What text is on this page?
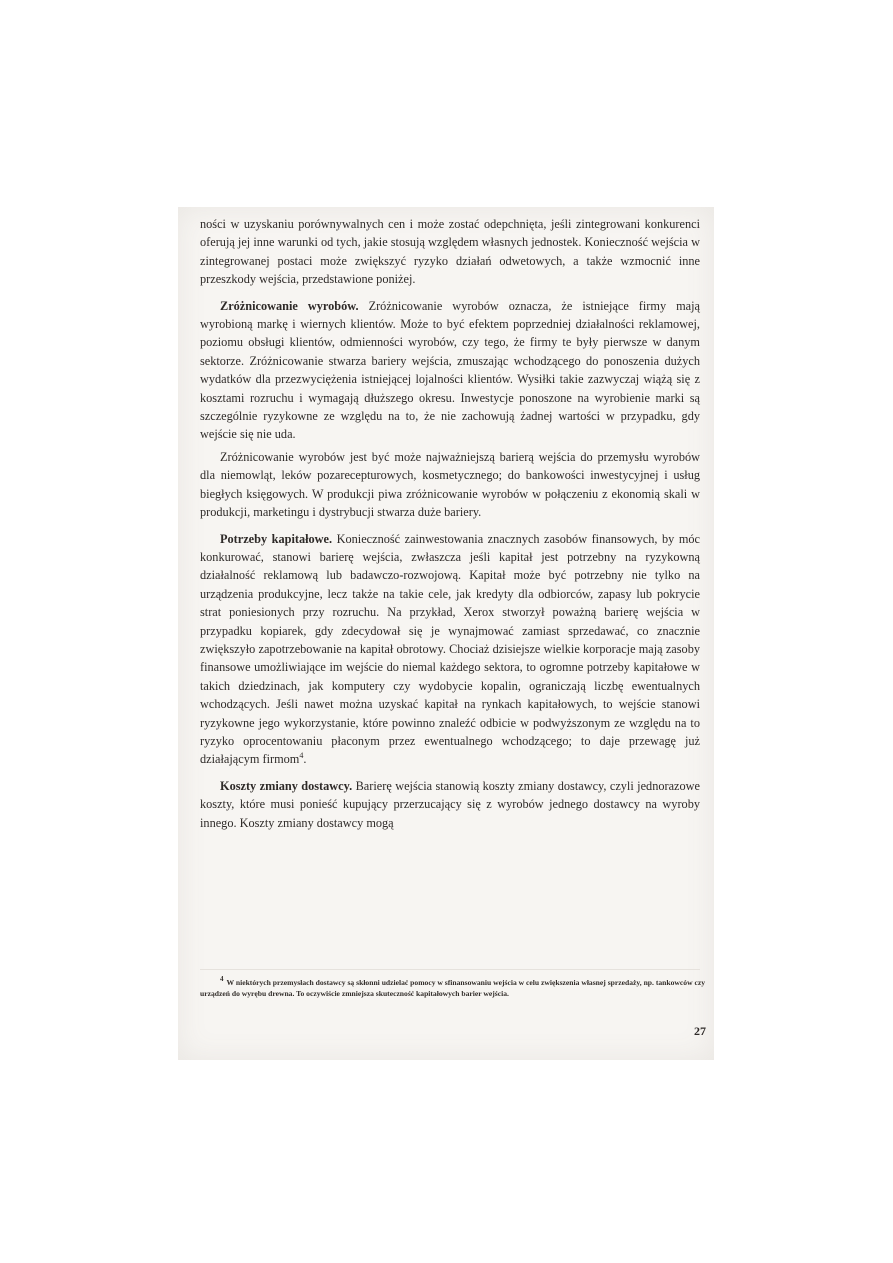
ności w uzyskaniu porównywalnych cen i może zostać odepchnięta, jeśli zintegrowani konkurenci oferują jej inne warunki od tych, jakie stosują względem własnych jednostek. Konieczność wejścia w zintegrowanej postaci może zwiększyć ryzyko działań odwetowych, a także wzmocnić inne przeszkody wejścia, przedstawione poniżej.

Zróżnicowanie wyrobów. Zróżnicowanie wyrobów oznacza, że istniejące firmy mają wyrobioną markę i wiernych klientów. Może to być efektem poprzedniej działalności reklamowej, poziomu obsługi klientów, odmienności wyrobów, czy tego, że firmy te były pierwsze w danym sektorze. Zróżnicowanie stwarza bariery wejścia, zmuszając wchodzącego do ponoszenia dużych wydatków dla przezwyciężenia istniejącej lojalności klientów. Wysiłki takie zazwyczaj wiążą się z kosztami rozruchu i wymagają dłuższego okresu. Inwestycje ponoszone na wyrobienie marki są szczególnie ryzykowne ze względu na to, że nie zachowują żadnej wartości w przypadku, gdy wejście się nie uda.

Zróżnicowanie wyrobów jest być może najważniejszą barierą wejścia do przemysłu wyrobów dla niemowląt, leków pozarecepturowych, kosmetycznego; do bankowości inwestycyjnej i usług biegłych księgowych. W produkcji piwa zróżnicowanie wyrobów w połączeniu z ekonomią skali w produkcji, marketingu i dystrybucji stwarza duże bariery.

Potrzeby kapitałowe. Konieczność zainwestowania znacznych zasobów finansowych, by móc konkurować, stanowi barierę wejścia, zwłaszcza jeśli kapitał jest potrzebny na ryzykowną działalność reklamową lub badawczo-rozwojową. Kapitał może być potrzebny nie tylko na urządzenia produkcyjne, lecz także na takie cele, jak kredyty dla odbiorców, zapasy lub pokrycie strat poniesionych przy rozruchu. Na przykład, Xerox stworzył poważną barierę wejścia w przypadku kopiarek, gdy zdecydował się je wynajmować zamiast sprzedawać, co znacznie zwiększyło zapotrzebowanie na kapitał obrotowy. Chociaż dzisiejsze wielkie korporacje mają zasoby finansowe umożliwiające im wejście do niemal każdego sektora, to ogromne potrzeby kapitałowe w takich dziedzinach, jak komputery czy wydobycie kopalin, ograniczają liczbę ewentualnych wchodzących. Jeśli nawet można uzyskać kapitał na rynkach kapitałowych, to wejście stanowi ryzykowne jego wykorzystanie, które powinno znaleźć odbicie w podwyższonym ze względu na to ryzyko oprocentowaniu płaconym przez ewentualnego wchodzącego; to daje przewagę już działającym firmom$^4$.

Koszty zmiany dostawcy. Barierę wejścia stanowią koszty zmiany dostawcy, czyli jednorazowe koszty, które musi ponieść kupujący przerzucający się z wyrobów jednego dostawcy na wyroby innego. Koszty zmiany dostawcy mogą

4 W niektórych przemysłach dostawcy są skłonni udzielać pomocy w sfinansowaniu wejścia w celu zwiększenia własnej sprzedaży, np. tankowców czy urządzeń do wyrębu drewna. To oczywiście zmniejsza skuteczność kapitałowych barier wejścia.
27
